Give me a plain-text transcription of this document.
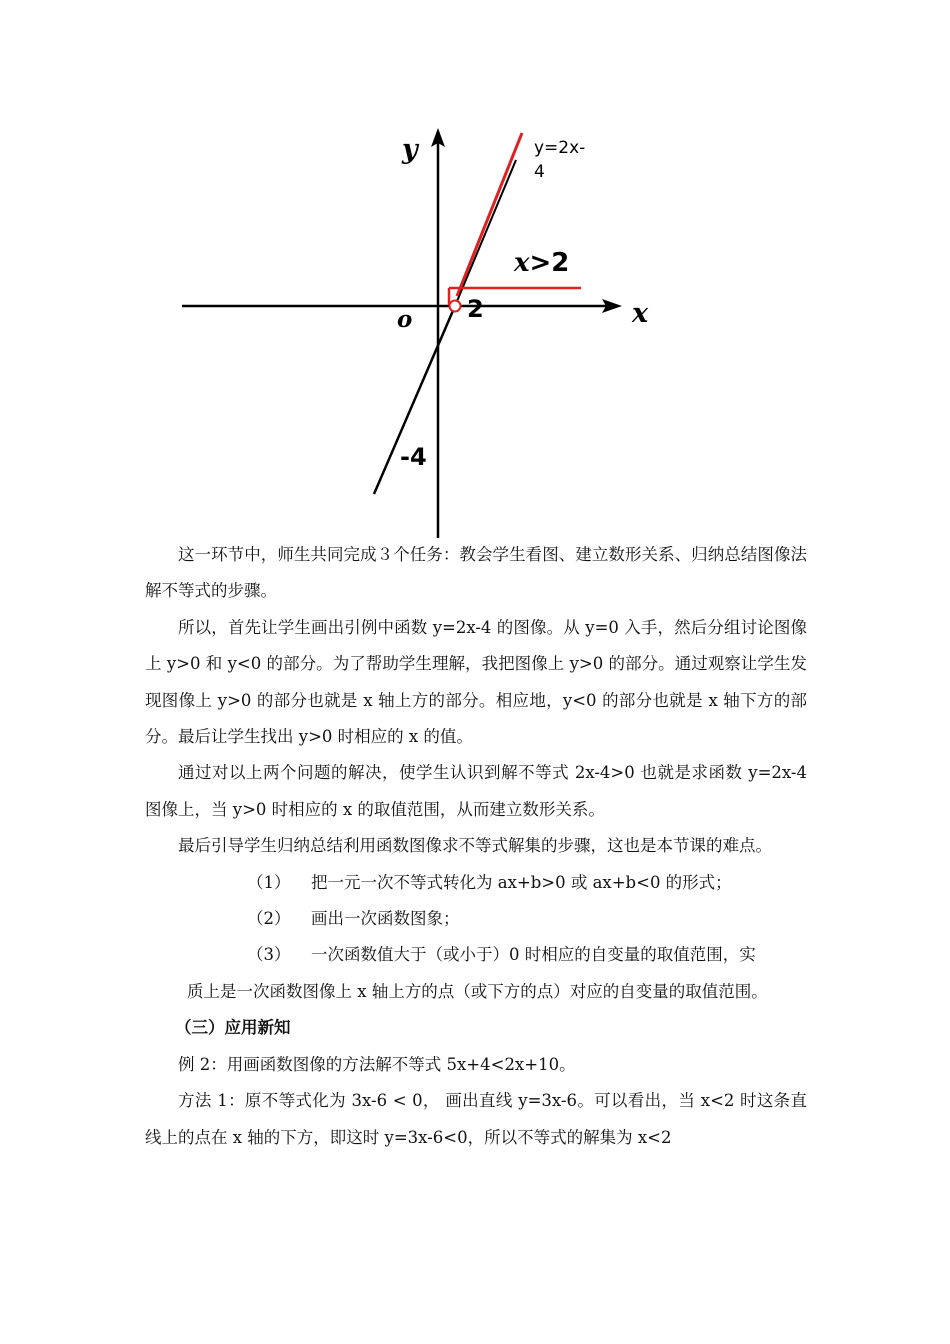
y=2x-
4
y
x
o 2
-4
x>2

这一环节中，师生共同完成３个任务：教会学生看图、建立数形关系、归纳总结图像法解不等式的步骤。

所以，首先让学生画出引例中函数 y=2x-4 的图像。从 y=0 入手，然后分组讨论图像上 y>0 和 y<0 的部分。为了帮助学生理解，我把图像上 y>0 的部分。通过观察让学生发现图像上 y>0 的部分也就是 x 轴上方的部分。相应地，y<0 的部分也就是 x 轴下方的部分。最后让学生找出 y>0 时相应的 x 的值。

通过对以上两个问题的解决，使学生认识到解不等式 2x-4>0 也就是求函数 y=2x-4 图像上，当 y>0 时相应的 x 的取值范围，从而建立数形关系。

最后引导学生归纳总结利用函数图像求不等式解集的步骤，这也是本节课的难点。

（1） 把一元一次不等式转化为 ax+b>0 或 ax+b<0 的形式；

（2） 画出一次函数图象；

（3） 一次函数值大于（或小于）0 时相应的自变量的取值范围，实

质上是一次函数图像上 x 轴上方的点（或下方的点）对应的自变量的取值范围。

（三）应用新知

例 2：用画函数图像的方法解不等式 5x+4<2x+10。

方法 1：原不等式化为 3x-6 < 0， 画出直线 y=3x-6。可以看出，当 x<2 时这条直线上的点在 x 轴的下方，即这时 y=3x-6<0，所以不等式的解集为 x<2
